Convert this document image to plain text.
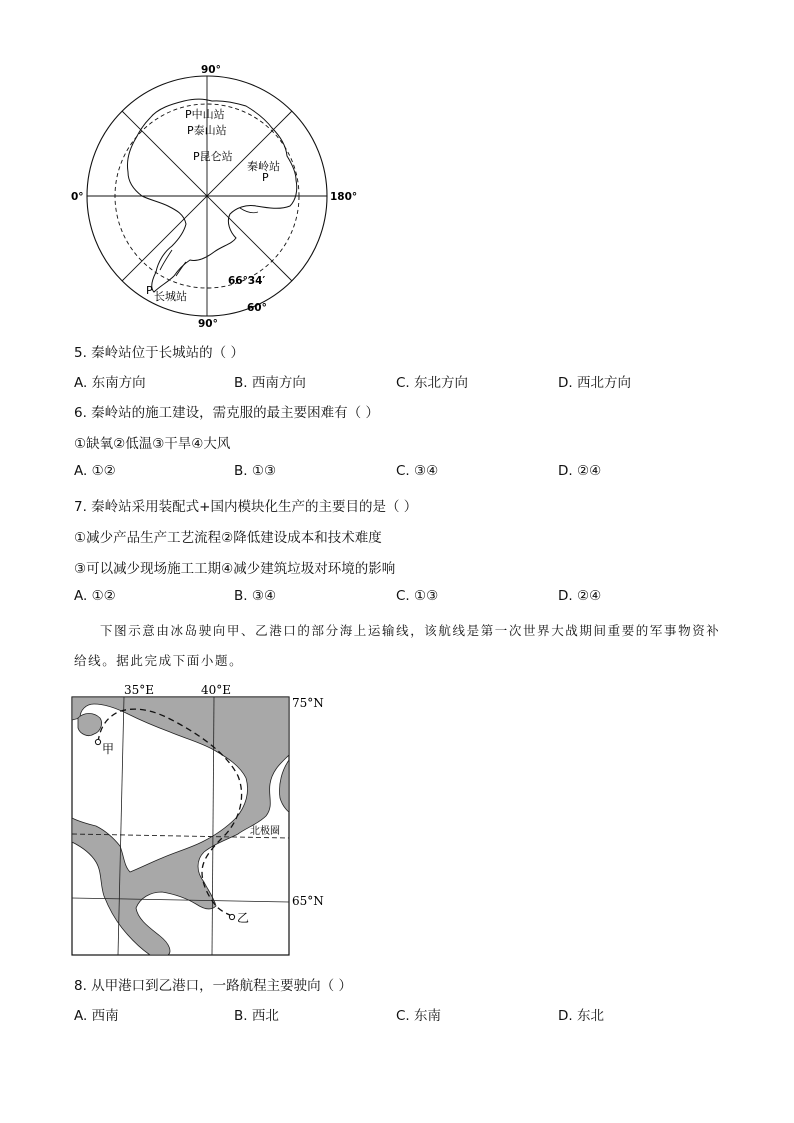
90°
0°	180°
90°
66°34′
60°
P中山站
P泰山站
P昆仑站
秦岭站
P
P 长城站
5. 秦岭站位于长城站的（ ）
A. 东南方向	B. 西南方向	C. 东北方向	D. 西北方向
6. 秦岭站的施工建设，需克服的最主要困难有（ ）
①缺氧②低温③干旱④大风
A. ①②	B. ①③	C. ③④	D. ②④
7. 秦岭站采用装配式+国内模块化生产的主要目的是（ ）
①减少产品生产工艺流程②降低建设成本和技术难度
③可以减少现场施工工期④减少建筑垃圾对环境的影响
A. ①②	B. ③④	C. ①③	D. ②④
下图示意由冰岛驶向甲、乙港口的部分海上运输线，该航线是第一次世界大战期间重要的军事物资补
给线。据此完成下面小题。
35°E	40°E
75°N
65°N
北极圈
甲
乙
8. 从甲港口到乙港口，一路航程主要驶向（ ）
A. 西南	B. 西北	C. 东南	D. 东北
